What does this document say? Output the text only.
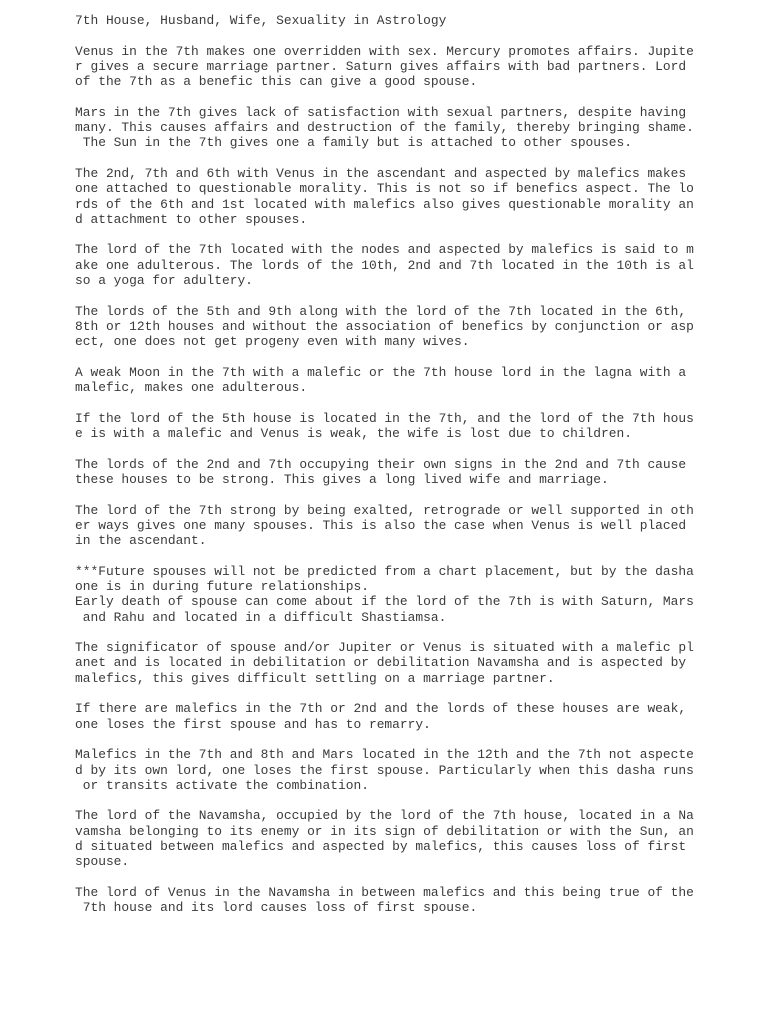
7th House, Husband, Wife, Sexuality in Astrology
Venus in the 7th makes one overridden with sex. Mercury promotes affairs. Jupite
r gives a secure marriage partner. Saturn gives affairs with bad partners. Lord
of the 7th as a benefic this can give a good spouse.
Mars in the 7th gives lack of satisfaction with sexual partners, despite having
many. This causes affairs and destruction of the family, thereby bringing shame.
The Sun in the 7th gives one a family but is attached to other spouses.
The 2nd, 7th and 6th with Venus in the ascendant and aspected by malefics makes
one attached to questionable morality. This is not so if benefics aspect. The lo
rds of the 6th and 1st located with malefics also gives questionable morality an
d attachment to other spouses.
The lord of the 7th located with the nodes and aspected by malefics is said to m
ake one adulterous. The lords of the 10th, 2nd and 7th located in the 10th is al
so a yoga for adultery.
The lords of the 5th and 9th along with the lord of the 7th located in the 6th,
8th or 12th houses and without the association of benefics by conjunction or asp
ect, one does not get progeny even with many wives.
A weak Moon in the 7th with a malefic or the 7th house lord in the lagna with a
malefic, makes one adulterous.
If the lord of the 5th house is located in the 7th, and the lord of the 7th hous
e is with a malefic and Venus is weak, the wife is lost due to children.
The lords of the 2nd and 7th occupying their own signs in the 2nd and 7th cause
these houses to be strong. This gives a long lived wife and marriage.
The lord of the 7th strong by being exalted, retrograde or well supported in oth
er ways gives one many spouses. This is also the case when Venus is well placed
in the ascendant.
***Future spouses will not be predicted from a chart placement, but by the dasha
one is in during future relationships.
Early death of spouse can come about if the lord of the 7th is with Saturn, Mars
and Rahu and located in a difficult Shastiamsa.
The significator of spouse and/or Jupiter or Venus is situated with a malefic pl
anet and is located in debilitation or debilitation Navamsha and is aspected by
malefics, this gives difficult settling on a marriage partner.
If there are malefics in the 7th or 2nd and the lords of these houses are weak,
one loses the first spouse and has to remarry.
Malefics in the 7th and 8th and Mars located in the 12th and the 7th not aspecte
d by its own lord, one loses the first spouse. Particularly when this dasha runs
or transits activate the combination.
The lord of the Navamsha, occupied by the lord of the 7th house, located in a Na
vamsha belonging to its enemy or in its sign of debilitation or with the Sun, an
d situated between malefics and aspected by malefics, this causes loss of first
spouse.
The lord of Venus in the Navamsha in between malefics and this being true of the
7th house and its lord causes loss of first spouse.
